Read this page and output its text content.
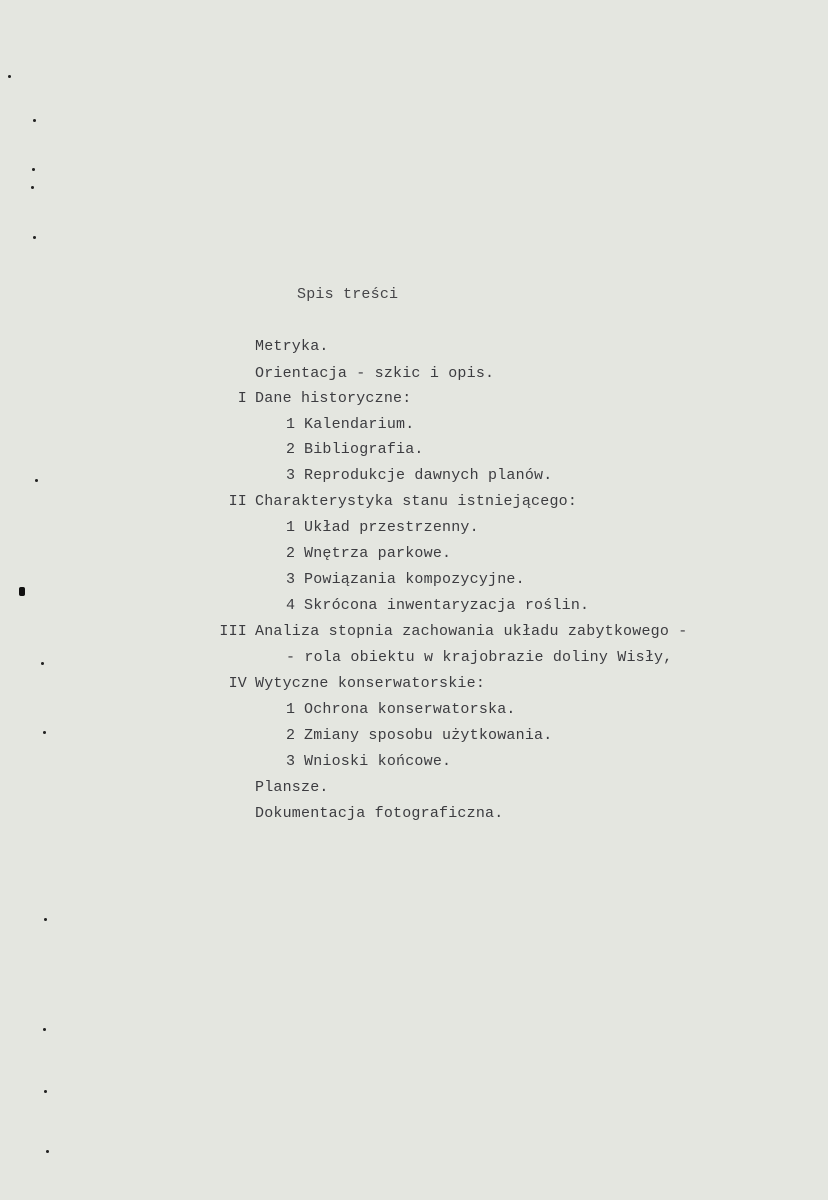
Spis treści
Metryka.
Orientacja - szkic i opis.
I Dane historyczne:
1 Kalendarium.
2 Bibliografia.
3 Reprodukcje dawnych planów.
II Charakterystyka stanu istniejącego:
1 Układ przestrzenny.
2 Wnętrza parkowe.
3 Powiązania kompozycyjne.
4 Skrócona inwentaryzacja roślin.
III Analiza stopnia zachowania układu zabytkowego -
- rola obiektu w krajobrazie doliny Wisły,
IV Wytyczne konserwatorskie:
1 Ochrona konserwatorska.
2 Zmiany sposobu użytkowania.
3 Wnioski końcowe.
Plansze.
Dokumentacja fotograficzna.
